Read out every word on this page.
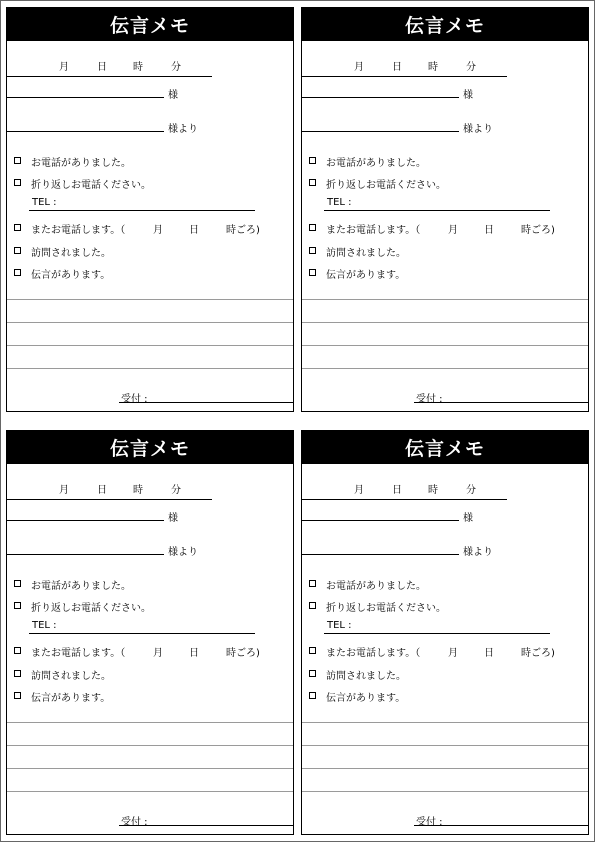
伝言メモ
月	日	時	分
様
様より
お電話がありました。
折り返しお電話ください。
TEL :
またお電話します。（	月	日	時ごろ)
訪問されました。
伝言があります。
受付 :
伝言メモ
月	日	時	分
様
様より
お電話がありました。
折り返しお電話ください。
TEL :
またお電話します。（	月	日	時ごろ)
訪問されました。
伝言があります。
受付 :
伝言メモ
月	日	時	分
様
様より
お電話がありました。
折り返しお電話ください。
TEL :
またお電話します。（	月	日	時ごろ)
訪問されました。
伝言があります。
受付 :
伝言メモ
月	日	時	分
様
様より
お電話がありました。
折り返しお電話ください。
TEL :
またお電話します。（	月	日	時ごろ)
訪問されました。
伝言があります。
受付 :
